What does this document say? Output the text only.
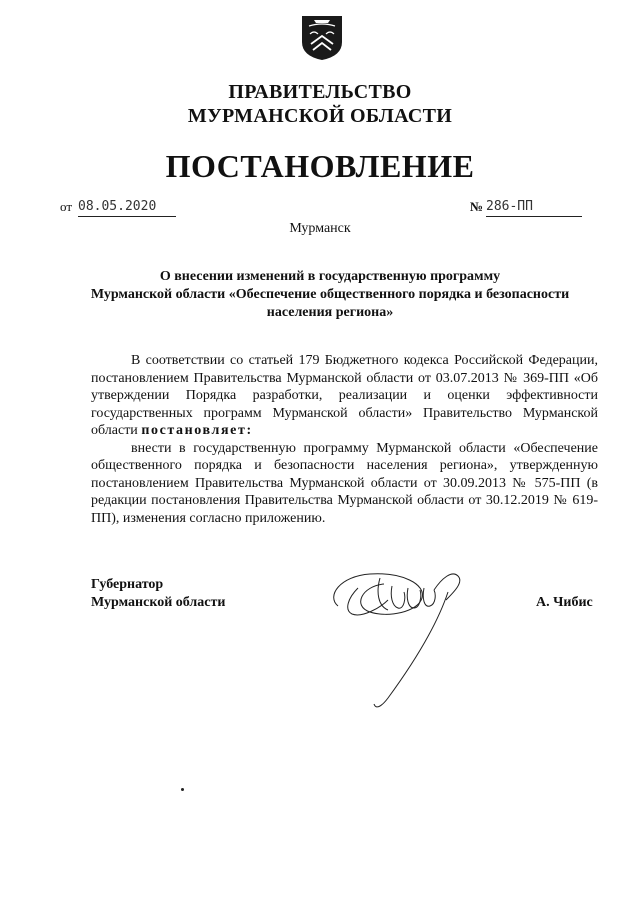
ПРАВИТЕЛЬСТВО
МУРМАНСКОЙ ОБЛАСТИ
ПОСТАНОВЛЕНИЕ
от 08.05.2020	№ 286-ПП
Мурманск
О внесении изменений в государственную программу
Мурманской области «Обеспечение общественного порядка и безопасности
населения региона»

В соответствии со статьей 179 Бюджетного кодекса Российской Федерации, постановлением Правительства Мурманской области от 03.07.2013 № 369-ПП «Об утверждении Порядка разработки, реализации и оценки эффективности государственных программ Мурманской области» Правительство Мурманской области постановляет:

внести в государственную программу Мурманской области «Обеспечение общественного порядка и безопасности населения региона», утвержденную постановлением Правительства Мурманской области от 30.09.2013 № 575-ПП (в редакции постановления Правительства Мурманской области от 30.12.2019 № 619-ПП), изменения согласно приложению.

Губернатор
Мурманской области	А. Чибис
